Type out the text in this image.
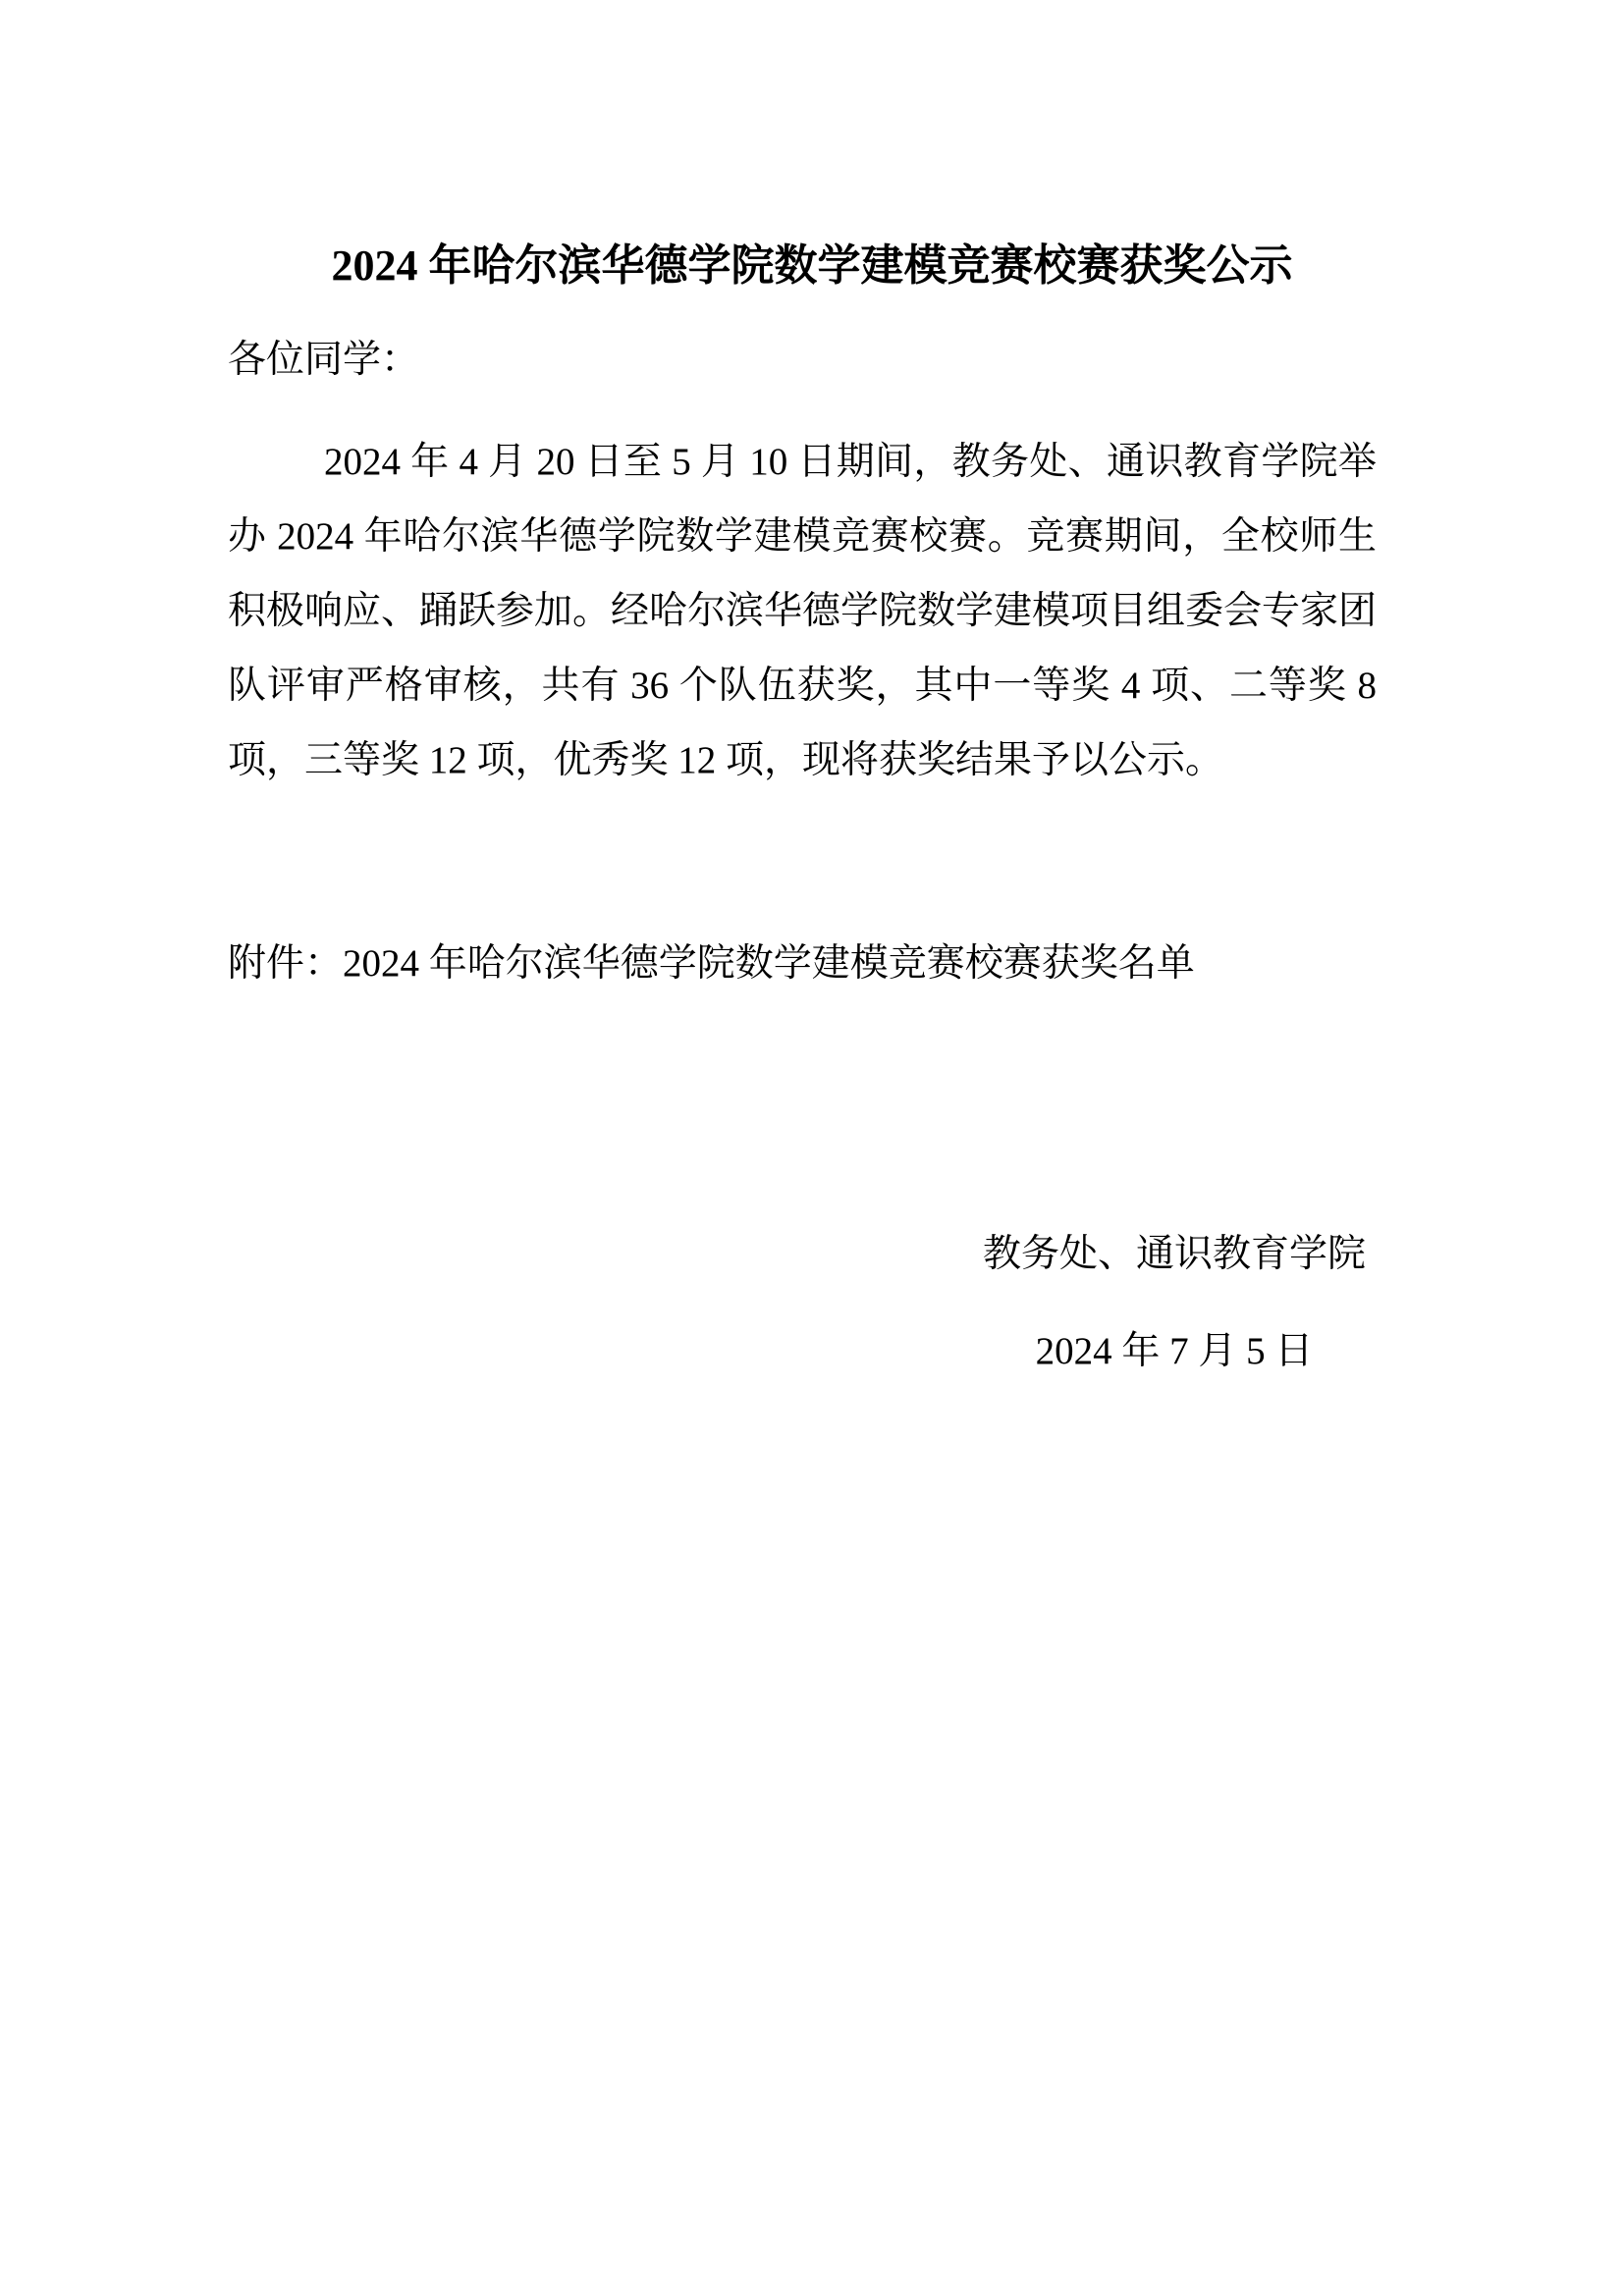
2024 年哈尔滨华德学院数学建模竞赛校赛获奖公示

各位同学：

2024 年 4 月 20 日至 5 月 10 日期间，教务处、通识教育学院举办 2024 年哈尔滨华德学院数学建模竞赛校赛。竞赛期间，全校师生积极响应、踊跃参加。经哈尔滨华德学院数学建模项目组委会专家团队评审严格审核，共有 36 个队伍获奖，其中一等奖 4 项、二等奖 8 项，三等奖 12 项，优秀奖 12 项，现将获奖结果予以公示。

附件：2024 年哈尔滨华德学院数学建模竞赛校赛获奖名单

教务处、通识教育学院
2024 年 7 月 5 日
